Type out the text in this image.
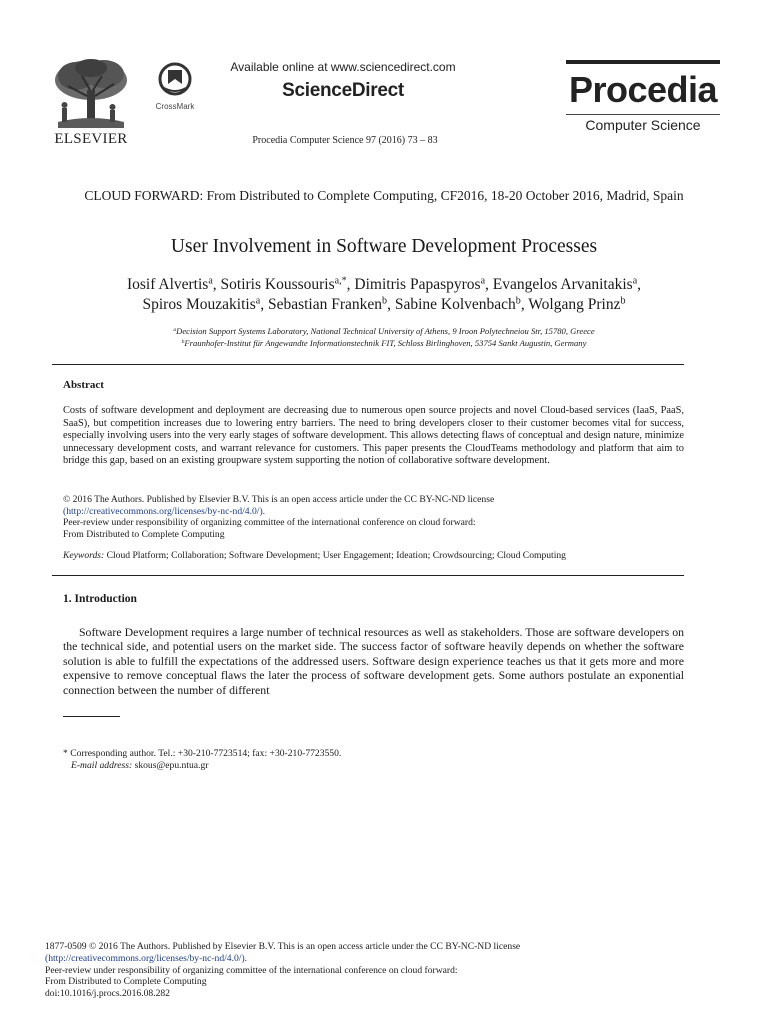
ELSEVIER
CrossMark
Available online at www.sciencedirect.com
ScienceDirect
Procedia Computer Science 97 (2016) 73 – 83
Procedia
Computer Science
CLOUD FORWARD: From Distributed to Complete Computing, CF2016, 18-20 October 2016, Madrid, Spain
User Involvement in Software Development Processes
Iosif Alvertis$^a$, Sotiris Koussouris$^{a,*}$, Dimitris Papaspyros$^a$, Evangelos Arvanitakis$^a$,
Spiros Mouzakitis$^a$, Sebastian Franken$^b$, Sabine Kolvenbach$^b$, Wolgang Prinz$^b$
$^a$Decision Support Systems Laboratory, National Technical University of Athens, 9 Iroon Polytechneiou Str, 15780, Greece
$^b$Fraunhofer-Institut für Angewandte Informationstechnik FIT, Schloss Birlinghoven, 53754 Sankt Augustin, Germany
Abstract
Costs of software development and deployment are decreasing due to numerous open source projects and novel Cloud-based services (IaaS, PaaS, SaaS), but competition increases due to lowering entry barriers. The need to bring developers closer to their customer becomes vital for success, especially involving users into the very early stages of software development. This allows detecting flaws of conceptual and design nature, minimize unnecessary development costs, and warrant relevance for customers. This paper presents the CloudTeams methodology and platform that aim to bridge this gap, based on an existing groupware system supporting the notion of collaborative software development.
© 2016 The Authors. Published by Elsevier B.V. This is an open access article under the CC BY-NC-ND license
(http://creativecommons.org/licenses/by-nc-nd/4.0/).
Peer-review under responsibility of organizing committee of the international conference on cloud forward:
From Distributed to Complete Computing
Keywords: Cloud Platform; Collaboration; Software Development; User Engagement; Ideation; Crowdsourcing; Cloud Computing
1. Introduction
Software Development requires a large number of technical resources as well as stakeholders. Those are software developers on the technical side, and potential users on the market side. The success factor of software heavily depends on whether the software solution is able to fulfill the expectations of the addressed users. Software design experience teaches us that it gets more and more expensive to remove conceptual flaws the later the process of software development gets. Some authors postulate an exponential connection between the number of different
* Corresponding author. Tel.: +30-210-7723514; fax: +30-210-7723550.
E-mail address: skous@epu.ntua.gr
1877-0509 © 2016 The Authors. Published by Elsevier B.V. This is an open access article under the CC BY-NC-ND license
(http://creativecommons.org/licenses/by-nc-nd/4.0/).
Peer-review under responsibility of organizing committee of the international conference on cloud forward:
From Distributed to Complete Computing
doi:10.1016/j.procs.2016.08.282
